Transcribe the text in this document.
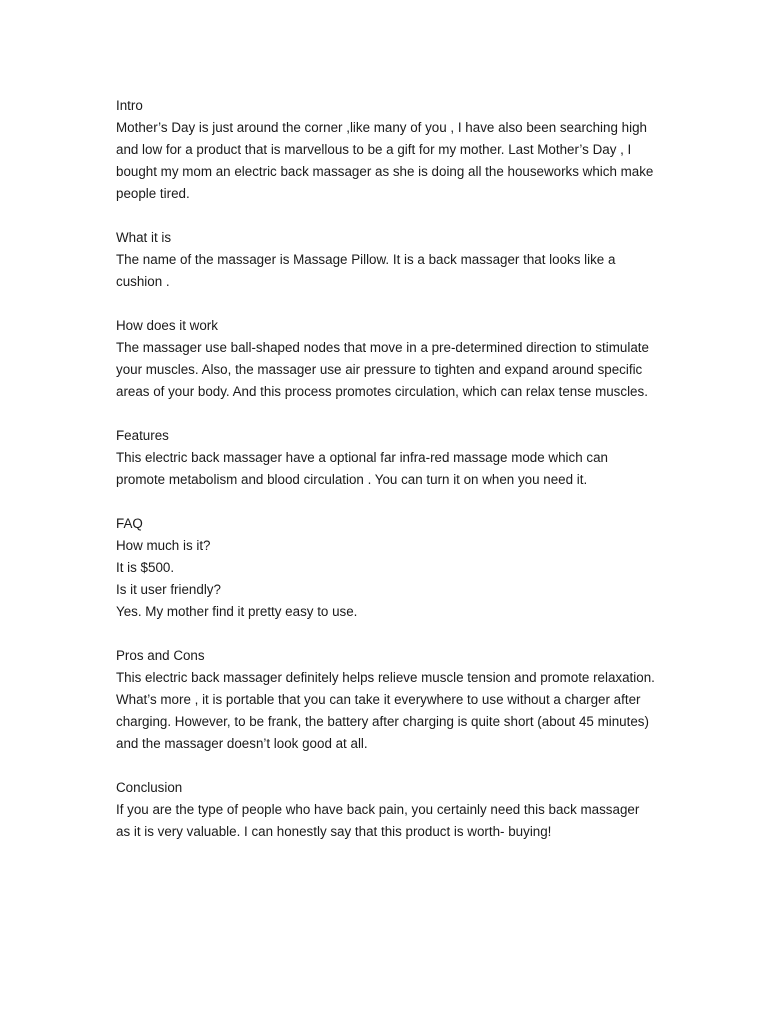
Intro

Mother’s Day is just around the corner ,like many of you , I have also been searching high and low for a product that is marvellous to be a gift for my mother. Last Mother’s Day , I bought my mom an electric back massager as she is doing all the houseworks which make people tired.

What it is

The name of the massager is Massage Pillow. It is a back massager that looks like a cushion .

How does it work

The massager use ball-shaped nodes that move in a pre-determined direction to stimulate your muscles. Also, the massager use air pressure to tighten and expand around specific areas of your body. And this process promotes circulation, which can relax tense muscles.

Features

This electric back massager have a optional far infra-red massage mode which can promote metabolism and blood circulation . You can turn it on when you need it.

FAQ

How much is it?

It is $500.

Is it user friendly?

Yes. My mother find it pretty easy to use.

Pros and Cons

This electric back massager definitely helps relieve muscle tension and promote relaxation. What’s more , it is portable that you can take it everywhere to use without a charger after charging. However, to be frank, the battery after charging is quite short (about 45 minutes) and the massager doesn’t look good at all.

Conclusion

If you are the type of people who have back pain, you certainly need this back massager as it is very valuable. I can honestly say that this product is worth- buying!
